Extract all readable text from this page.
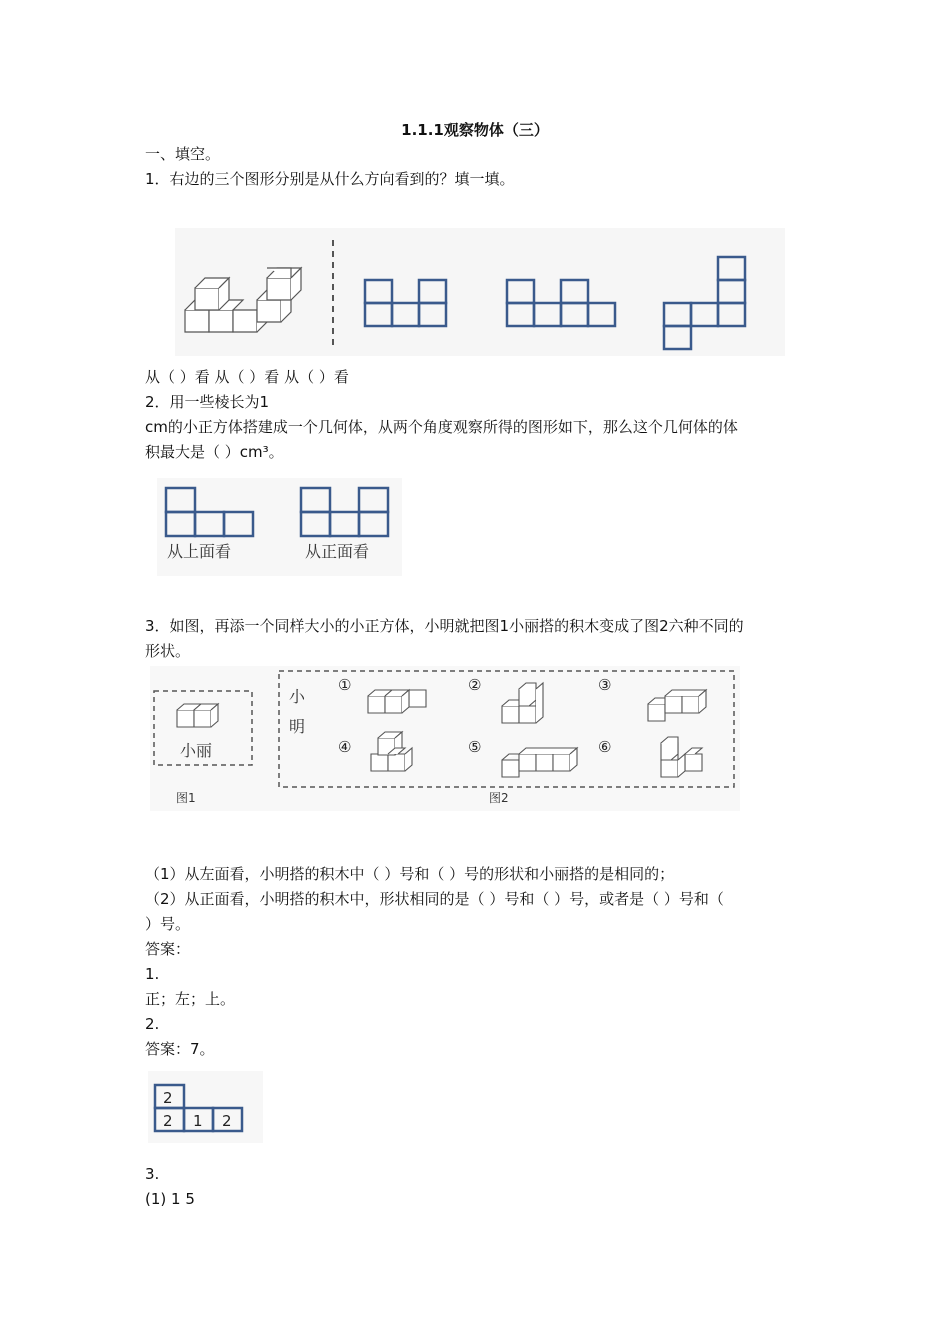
1.1.1观察物体（三）
一、填空。
1．右边的三个图形分别是从什么方向看到的？填一填。
从（ ）看 从（ ）看 从（ ）看
2．用一些棱长为1
cm的小正方体搭建成一个几何体，从两个角度观察所得的图形如下，那么这个几何体的体
积最大是（ ）cm³。
从上面看	从正面看
3．如图，再添一个同样大小的小正方体，小明就把图1小丽搭的积木变成了图2六种不同的
形状。
小丽
图1
小
明
图2
①	②	③
④	⑤	⑥
（1）从左面看，小明搭的积木中（ ）号和（ ）号的形状和小丽搭的是相同的；
（2）从正面看，小明搭的积木中，形状相同的是（ ）号和（ ）号，或者是（ ）号和（
）号。
答案：
1.
正；左；上。
2.
答案：7。
2
2 1 2
3.
(1) 1 5
